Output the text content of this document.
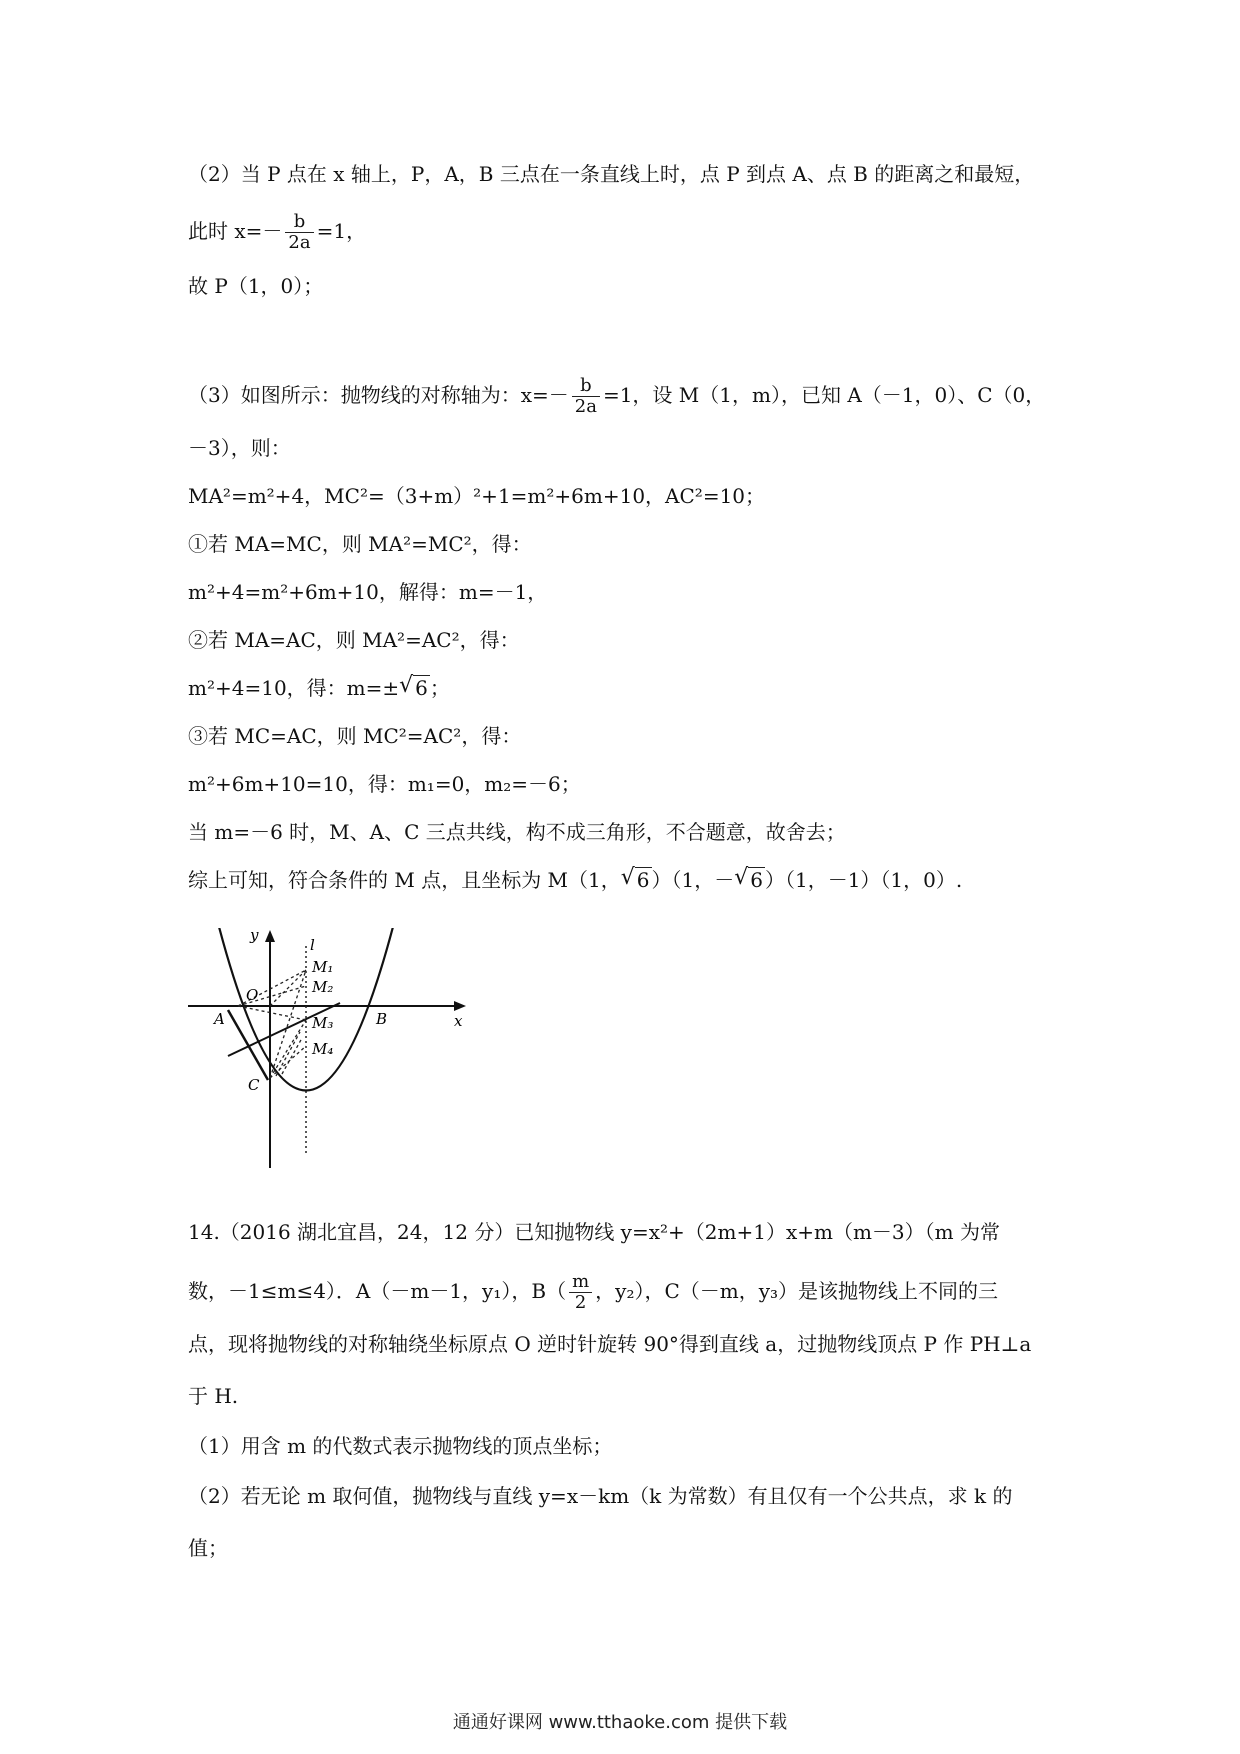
（2）当 P 点在 x 轴上，P，A，B 三点在一条直线上时，点 P 到点 A、点 B 的距离之和最短，
此时 $x=- \frac{b}{2a} =1$，
故 P（1，0）；
（3）如图所示：抛物线的对称轴为：$x=- \frac{b}{2a} =1$，设 M（1，m），已知 A（－1，0）、C（0，
－3），则：
MA²=m²+4，MC²=（3+m）²+1=m²+6m+10，AC²=10；
①若 MA=MC，则 MA²=MC²，得：
m²+4=m²+6m+10，解得：m=－1，
②若 MA=AC，则 MA²=AC²，得：
m²+4=10，得：m=± √ 6 ；
③若 MC=AC，则 MC²=AC²，得：
m²+6m+10=10，得：m₁=0，m₂=－6；
当 m=－6 时，M、A、C 三点共线，构不成三角形，不合题意，故舍去；
综上可知，符合条件的 M 点，且坐标为 M（1， √ 6 ）（1，－ √ 6 ）（1，－1）（1，0）.
y
l
O
A	B	x
C
M₁
M₂
M₃
M₄
14.（2016 湖北宜昌，24，12 分）已知抛物线 y=x²+（2m+1）x+m（m－3）（m 为常
数，－1≤m≤4）．A（－m－1，y₁），$B( \frac{m}{2}$ ，y₂），C（－m，y₃）是该抛物线上不同的三
点，现将抛物线的对称轴绕坐标原点 O 逆时针旋转 90°得到直线 a，过抛物线顶点 P 作 PH⊥a
于 H.
（1）用含 m 的代数式表示抛物线的顶点坐标；
（2）若无论 m 取何值，抛物线与直线 y=x－km（k 为常数）有且仅有一个公共点，求 k 的
值；
通通好课网 www.tthaoke.com 提供下载
